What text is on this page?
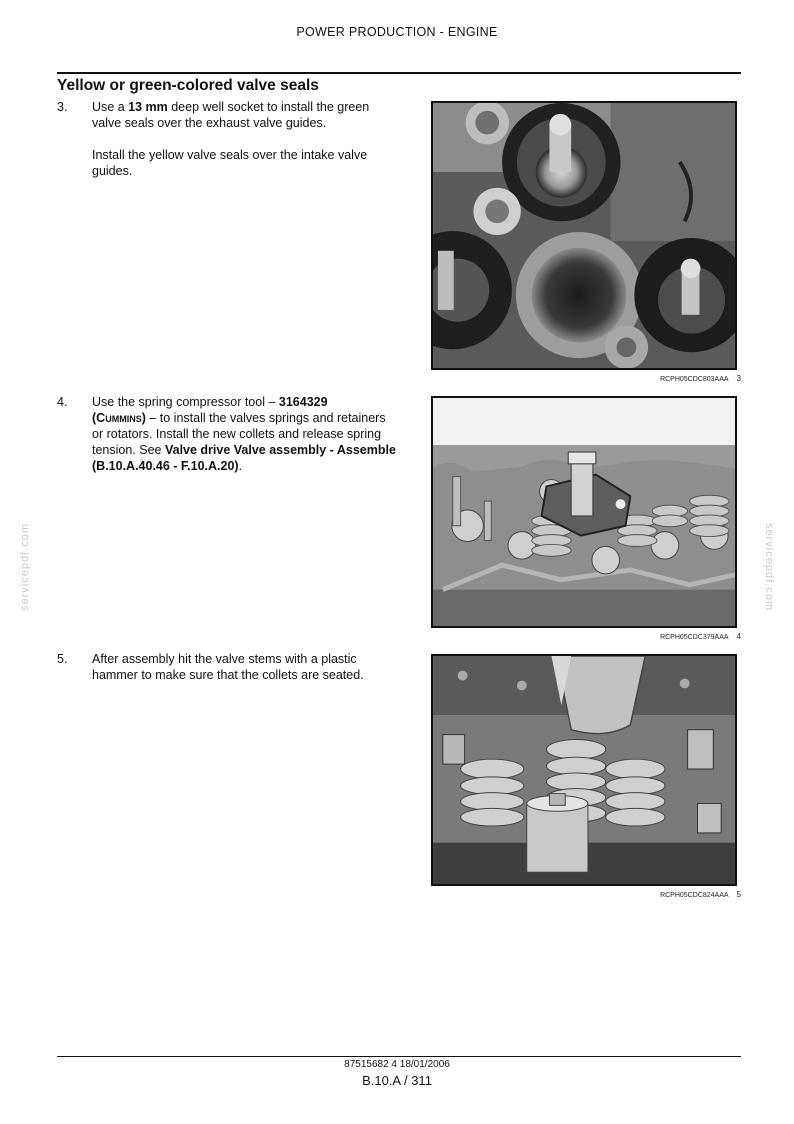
POWER PRODUCTION - ENGINE
Yellow or green-colored valve seals
3. Use a 13 mm deep well socket to install the green valve seals over the exhaust valve guides.

Install the yellow valve seals over the intake valve guides.

4. Use the spring compressor tool – 3164329
(Cummins) – to install the valves springs and retainers or rotators. Install the new collets and release spring tension. See Valve drive Valve assembly - Assemble (B.10.A.40.46 - F.10.A.20).

5. After assembly hit the valve stems with a plastic hammer to make sure that the collets are seated.

RCPH05CDC803AAA 3
RCPH05CDC379AAA 4
RCPH05CDC824AAA 5
servicepdf.com	servicepdf.com
87515682 4 18/01/2006
B.10.A / 311
